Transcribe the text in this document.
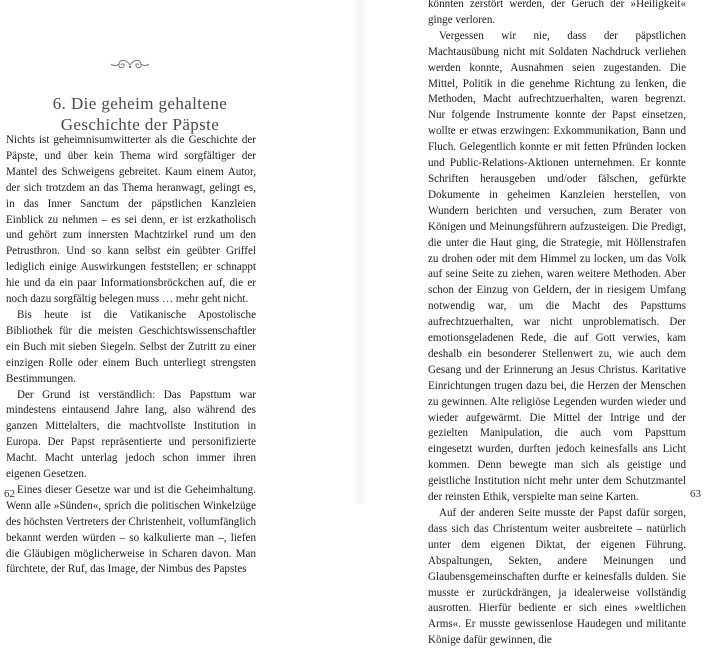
6. Die geheim gehaltene
Geschichte der Päpste

Nichts ist geheimnisumwitterter als die Geschichte der Päpste, und über kein Thema wird sorgfältiger der Mantel des Schweigens gebreitet. Kaum einem Autor, der sich trotzdem an das Thema heranwagt, gelingt es, in das Inner Sanctum der päpstlichen Kanzleien Einblick zu nehmen – es sei denn, er ist erzkatholisch und gehört zum innersten Machtzirkel rund um den Petrusthron. Und so kann selbst ein geübter Griffel lediglich einige Auswirkungen feststellen; er schnappt hie und da ein paar Informationsbröckchen auf, die er noch dazu sorgfältig belegen muss … mehr geht nicht.

Bis heute ist die Vatikanische Apostolische Bibliothek für die meisten Geschichtswissenschaftler ein Buch mit sieben Siegeln. Selbst der Zutritt zu einer einzigen Rolle oder einem Buch unterliegt strengsten Bestimmungen.

Der Grund ist verständlich: Das Papsttum war mindestens eintausend Jahre lang, also während des ganzen Mittelalters, die machtvollste Institution in Europa. Der Papst repräsentierte und personifizierte Macht. Macht unterlag jedoch schon immer ihren eigenen Gesetzen.

Eines dieser Gesetze war und ist die Geheimhaltung. Wenn alle »Sünden«, sprich die politischen Winkelzüge des höchsten Vertreters der Christenheit, vollumfänglich bekannt werden würden – so kalkulierte man –, liefen die Gläubigen möglicherweise in Scharen davon. Man fürchtete, der Ruf, das Image, der Nimbus des Papstes

62

könnten zerstört werden, der Geruch der »Heiligkeit« ginge verloren.

Vergessen wir nie, dass der päpstlichen Machtausübung nicht mit Soldaten Nachdruck verliehen werden konnte, Ausnahmen seien zugestanden. Die Mittel, Politik in die genehme Richtung zu lenken, die Methoden, Macht aufrechtzuerhalten, waren begrenzt. Nur folgende Instrumente konnte der Papst einsetzen, wollte er etwas erzwingen: Exkommunikation, Bann und Fluch. Gelegentlich konnte er mit fetten Pfründen locken und Public-Relations-Aktionen unternehmen. Er konnte Schriften herausgeben und/oder fälschen, gefürkte Dokumente in geheimen Kanzleien herstellen, von Wundern berichten und versuchen, zum Berater von Königen und Meinungsführern aufzusteigen. Die Predigt, die unter die Haut ging, die Strategie, mit Höllenstrafen zu drohen oder mit dem Himmel zu locken, um das Volk auf seine Seite zu ziehen, waren weitere Methoden. Aber schon der Einzug von Geldern, der in riesigem Umfang notwendig war, um die Macht des Papsttums aufrechtzuerhalten, war nicht unproblematisch. Der emotionsgeladenen Rede, die auf Gott verwies, kam deshalb ein besonderer Stellenwert zu, wie auch dem Gesang und der Erinnerung an Jesus Christus. Karitative Einrichtungen trugen dazu bei, die Herzen der Menschen zu gewinnen. Alte religiöse Legenden wurden wieder und wieder aufgewärmt. Die Mittel der Intrige und der gezielten Manipulation, die auch vom Papsttum eingesetzt wurden, durften jedoch keinesfalls ans Licht kommen. Denn bewegte man sich als geistige und geistliche Institution nicht mehr unter dem Schutzmantel der reinsten Ethik, verspielte man seine Karten.

Auf der anderen Seite musste der Papst dafür sorgen, dass sich das Christentum weiter ausbreitete – natürlich unter dem eigenen Diktat, der eigenen Führung. Abspaltungen, Sekten, andere Meinungen und Glaubensgemeinschaften durfte er keinesfalls dulden. Sie musste er zurückdrängen, ja idealerweise vollständig ausrotten. Hierfür bediente er sich eines »weltlichen Arms«. Er musste gewissenlose Haudegen und militante Könige dafür gewinnen, die

63
